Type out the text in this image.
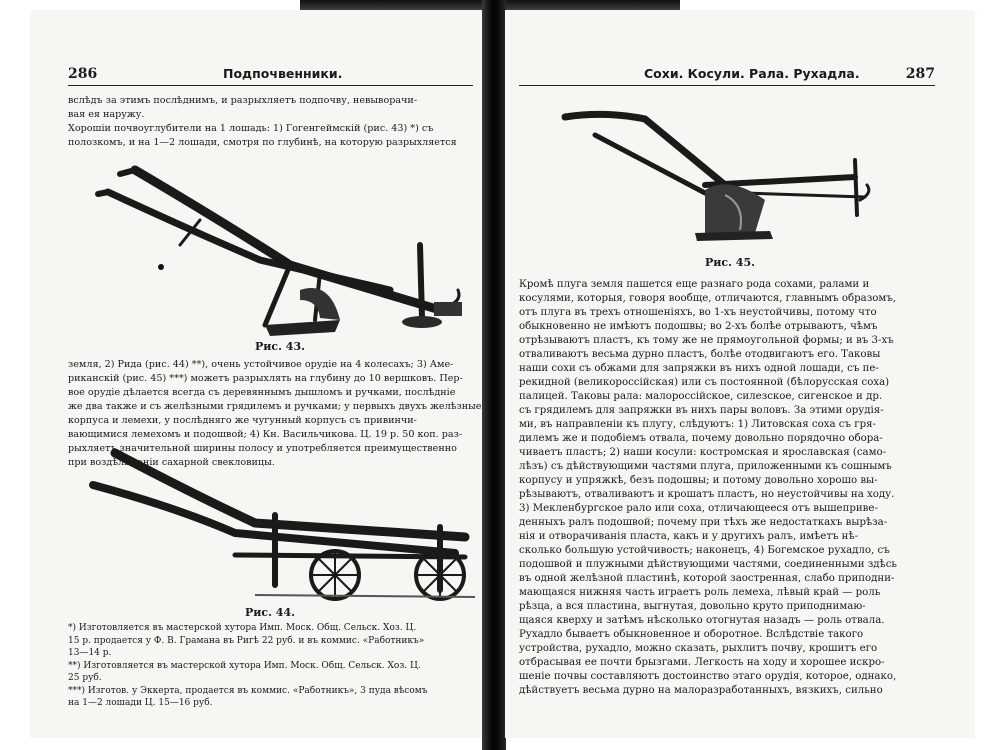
286	Подпочвенники.

вслѣдъ за этимъ послѣднимъ, и разрыхляетъ подпочву, невыворачи-

вая ея наружу.

Хорошіи почвоуглубители на 1 лошадь: 1) Гогенгеймскій (рис. 43) *) съ

полозкомъ, и на 1—2 лошади, смотря по глубинѣ, на которую разрыхляется

Рис. 43.

земля, 2) Рида (рис. 44) **), очень устойчивое орудіе на 4 колесахъ; 3) Аме-

риканскій (рис. 45) ***) можетъ разрыхлять на глубину до 10 вершковъ. Пер-

вое орудіе дѣлается всегда съ деревяннымъ дышломъ и ручками, послѣдніе

же два также и съ желѣзными грядилемъ и ручками; у первыхъ двухъ желѣзные

корпуса и лемехи, у послѣдняго же чугунный корпусъ съ привинчи-

вающимися лемехомъ и подошвой; 4) Кн. Васильчикова. Ц. 19 р. 50 коп. раз-

рыхляетъ значительной ширины полосу и употребляется преимущественно

при воздѣлываніи сахарной свекловицы.

Рис. 44.

*) Изготовляется въ мастерской хутора Имп. Моск. Общ. Сельск. Хоз. Ц.

15 р. продается у Ф. В. Грамана въ Ригѣ 22 руб. и въ коммис. «Работникъ»

13—14 р.

**) Изготовляется въ мастерской хутора Имп. Моск. Общ. Сельск. Хоз. Ц.

25 руб.

***) Изготов. у Эккерта, продается въ коммис. «Работникъ», 3 пуда вѣсомъ

на 1—2 лошади Ц. 15—16 руб.

Сохи. Косули. Рала. Рухадла.	287
Рис. 45.

Кромѣ плуга земля пашется еще разнаго рода сохами, ралами и

косулями, которыя, говоря вообще, отличаются, главнымъ образомъ,

отъ плуга въ трехъ отношеніяхъ, во 1-хъ неустойчивы, потому что

обыкновенно не имѣютъ подошвы; во 2-хъ болѣе отрываютъ, чѣмъ

отрѣзываютъ пластъ, къ тому же не прямоугольной формы; и въ 3-хъ

отваливаютъ весьма дурно пластъ, болѣе отодвигаютъ его. Таковы

наши сохи съ обжами для запряжки въ нихъ одной лошади, съ пе-

рекидной (великороссійская) или съ постоянной (бѣлорусская соха)

палицей. Таковы рала: малороссійское, силезское, сигенское и др.

съ грядилемъ для запряжки въ нихъ пары воловъ. За этими орудія-

ми, въ направленіи къ плугу, слѣдуютъ: 1) Литовская соха съ гря-

дилемъ же и подобіемъ отвала, почему довольно порядочно обора-

чиваетъ пластъ; 2) наши косули: костромская и ярославская (само-

лѣзъ) съ дѣйствующими частями плуга, приложенными къ сошнымъ

корпусу и упряжкѣ, безъ подошвы; и потому довольно хорошо вы-

рѣзываютъ, отваливаютъ и крошатъ пластъ, но неустойчивы на ходу.

3) Мекленбургское рало или соха, отличающееся отъ вышеприве-

денныхъ ралъ подошвой; почему при тѣхъ же недостаткахъ вырѣза-

нія и отворачиванія пласта, какъ и у другихъ ралъ, имѣетъ нѣ-

сколько большую устойчивость; наконецъ, 4) Богемское рухадло, съ

подошвой и плужными дѣйствующими частями, соединенными здѣсь

въ одной желѣзной пластинѣ, которой заостренная, слабо приподни-

мающаяся нижняя часть играетъ роль лемеха, лѣвый край — роль

рѣзца, а вся пластина, выгнутая, довольно круто приподнимаю-

щаяся кверху и затѣмъ нѣсколько отогнутая назадъ — роль отвала.

Рухадло бываетъ обыкновенное и оборотное. Вслѣдствіе такого

устройства, рухадло, можно сказать, рыхлитъ почву, крошитъ его

отбрасывая ее почти брызгами. Легкость на ходу и хорошее искро-

шеніе почвы составляютъ достоинство этаго орудія, которое, однако,

дѣйствуетъ весьма дурно на малоразработанныхъ, вязкихъ, сильно
